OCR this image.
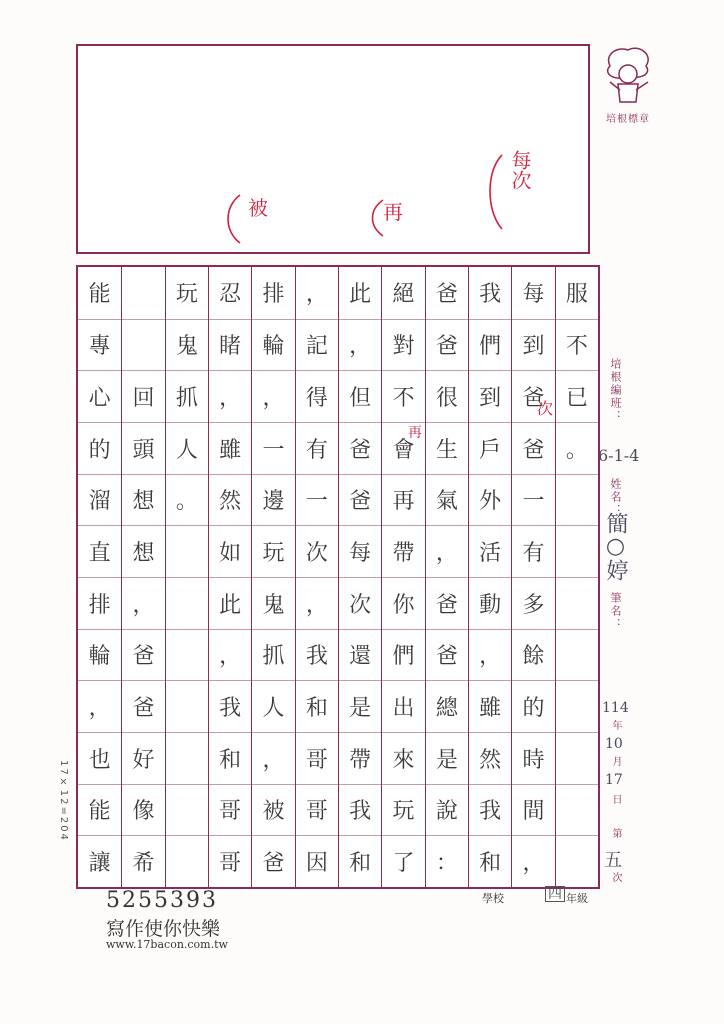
被	再
每次
培根標章
能
專
心
的
溜
直
排
輪
，
也
能
讓
回
頭
想
想
，
爸
爸
好
像
希
玩
鬼
抓
人
。
忍
睹
，
雖
然
如
此
，
我
和
哥
哥
排
輪
，
一
邊
玩
鬼
抓
人
，
被
爸
，
記
得
有
一
次
，
我
和
哥
哥
因
此
，
但
爸
爸
每
次
還
是
帶
我
和
絕
對
不
會
再
帶
你
們
出
來
玩
了
爸
爸
很
生
氣
，
爸
爸
總
是
說
：
我
們
到
戶
外
活
動
，
雖
然
我
和
每
到
爸
爸
一
有
多
餘
的
時
間
，
服
不
已
。
17×12=204
培根編班：
6-1-4
姓名：
簡○婷
筆名：
114
年
10
月
17
日
第
五
次
次
再
5255393
寫作使你快樂
www.17bacon.com.tw
學校	四 年級
